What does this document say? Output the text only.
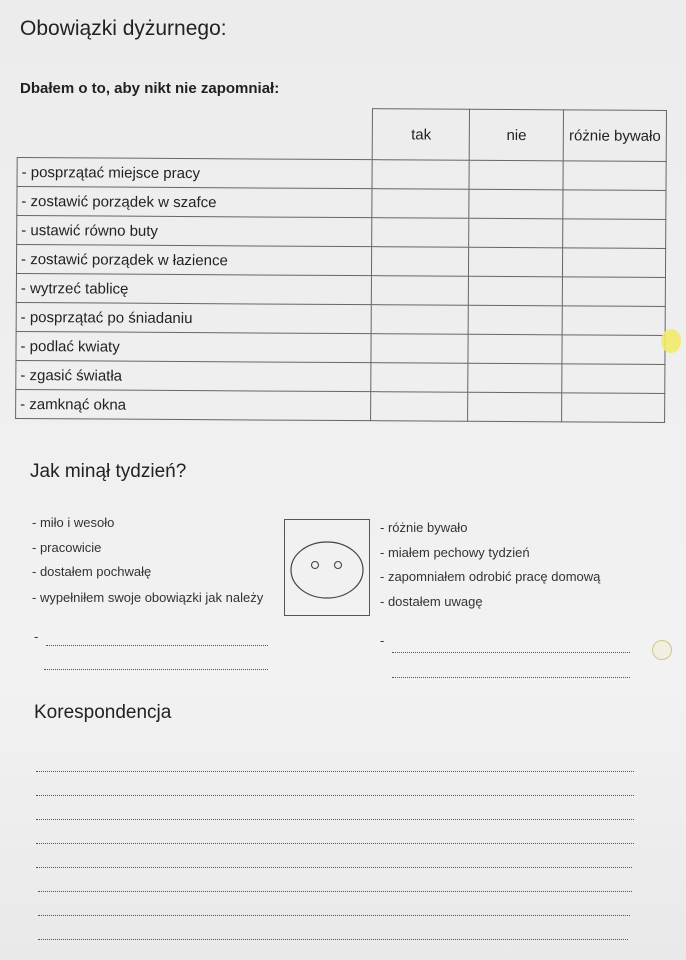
Obowiązki dyżurnego:
Dbałem o to, aby nikt nie zapomniał:
	tak	nie	różnie bywało
- posprzątać miejsce pracy			
- zostawić porządek w szafce			
- ustawić równo buty			
- zostawić porządek w łazience			
- wytrzeć tablicę			
- posprzątać po śniadaniu			
- podlać kwiaty			
- zgasić światła			
- zamknąć okna			
Jak minął tydzień?
- miło i wesoło
- pracowicie
- dostałem pochwałę
- wypełniłem swoje obowiązki jak należy
- różnie bywało
- miałem pechowy tydzień
- zapomniałem odrobić pracę domową
- dostałem uwagę
-	-
Korespondencja
